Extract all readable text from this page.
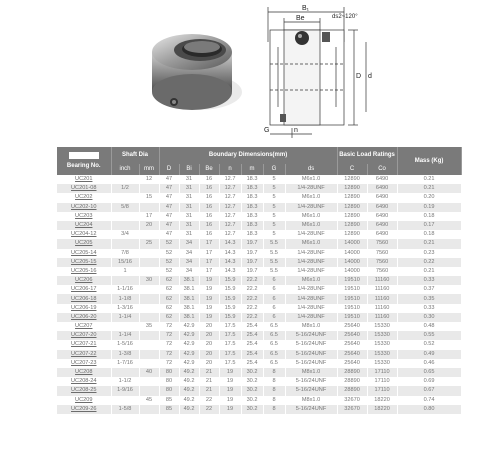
B₁
Be	ds2~120°
D d
n
G

Bearing No.	Shaft Dia		Boundary Dimensions(mm)							Basic Load Ratings		Mass (Kg)
	inch	mm	D	Bi	Be	n	m	G	ds	C	Co	
UC201		12	47	31	16	12.7	18.3	5	M6x1.0	12890	6490	0.21
UC201-08	1/2		47	31	16	12.7	18.3	5	1/4-28UNF	12890	6490	0.21
UC202		15	47	31	16	12.7	18.3	5	M6x1.0	12890	6490	0.20
UC202-10	5/8		47	31	16	12.7	18.3	5	1/4-28UNF	12890	6490	0.19
UC203		17	47	31	16	12.7	18.3	5	M6x1.0	12890	6490	0.18
UC204		20	47	31	16	12.7	18.3	5	M6x1.0	12890	6490	0.17
UC204-12	3/4		47	31	16	12.7	18.3	5	1/4-28UNF	12890	6490	0.18
UC205		25	52	34	17	14.3	19.7	5.5	M6x1.0	14000	7560	0.21
UC205-14	7/8		52	34	17	14.3	19.7	5.5	1/4-28UNF	14000	7560	0.23
UC205-15	15/16		52	34	17	14.3	19.7	5.5	1/4-28UNF	14000	7560	0.22
UC205-16	1		52	34	17	14.3	19.7	5.5	1/4-28UNF	14000	7560	0.21
UC206		30	62	38.1	19	15.9	22.2	6	M6x1.0	19510	11160	0.33
UC206-17	1-1/16		62	38.1	19	15.9	22.2	6	1/4-28UNF	19510	11160	0.37
UC206-18	1-1/8		62	38.1	19	15.9	22.2	6	1/4-28UNF	19510	11160	0.35
UC206-19	1-3/16		62	38.1	19	15.9	22.2	6	1/4-28UNF	19510	11160	0.33
UC206-20	1-1/4		62	38.1	19	15.9	22.2	6	1/4-28UNF	19510	11160	0.30
UC207		35	72	42.9	20	17.5	25.4	6.5	M8x1.0	25640	15330	0.48
UC207-20	1-1/4		72	42.9	20	17.5	25.4	6.5	5-16/24UNF	25640	15330	0.55
UC207-21	1-5/16		72	42.9	20	17.5	25.4	6.5	5-16/24UNF	25640	15330	0.52
UC207-22	1-3/8		72	42.9	20	17.5	25.4	6.5	5-16/24UNF	25640	15330	0.49
UC207-23	1-7/16		72	42.9	20	17.5	25.4	6.5	5-16/24UNF	25640	15330	0.46
UC208		40	80	49.2	21	19	30.2	8	M8x1.0	28890	17110	0.65
UC208-24	1-1/2		80	49.2	21	19	30.2	8	5-16/24UNF	28890	17110	0.69
UC208-25	1-9/16		80	49.2	21	19	30.2	8	5-16/24UNF	28890	17110	0.67
UC209		45	85	49.2	22	19	30.2	8	M8x1.0	32670	18220	0.74
UC209-26	1-5/8		85	49.2	22	19	30.2	8	5-16/24UNF	32670	18220	0.80
